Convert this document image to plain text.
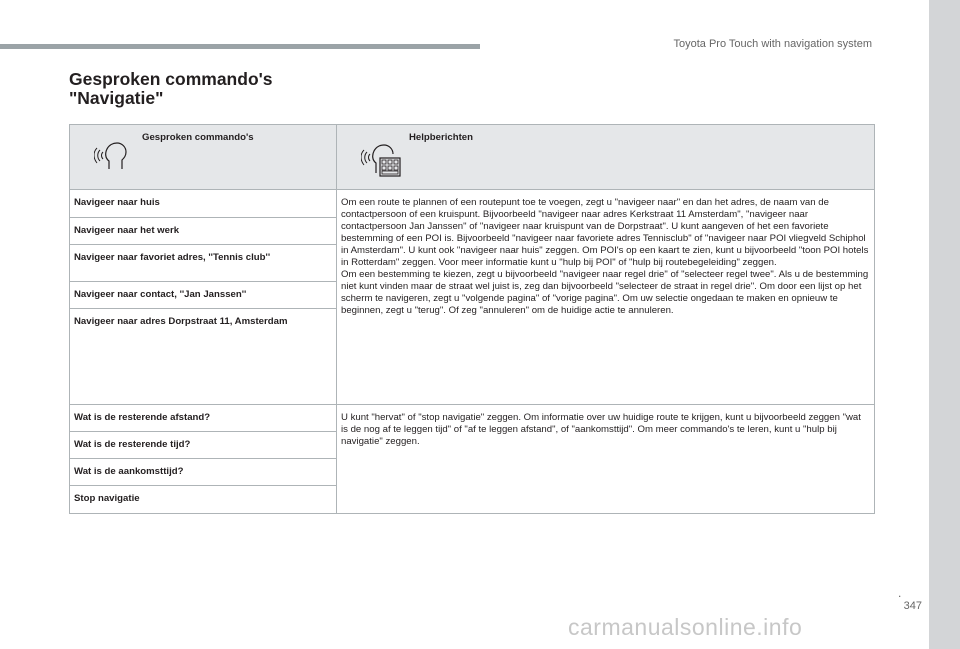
Toyota Pro Touch with navigation system
Gesproken commando's
"Navigatie"
Gesproken commando's	Helpberichten

Navigeer naar huis	Om een route te plannen of een routepunt toe te voegen, zegt u "navigeer naar" en dan het adres, de naam van de contactpersoon of een kruispunt. Bijvoorbeeld "navigeer naar adres Kerkstraat 11 Amsterdam", "navigeer naar contactpersoon Jan Janssen" of "navigeer naar kruispunt van de Dorpstraat". U kunt aangeven of het een favoriete bestemming of een POI is. Bijvoorbeeld "navigeer naar favoriete adres Tennisclub" of "navigeer naar POI vliegveld Schiphol in Amsterdam". U kunt ook "navigeer naar huis" zeggen. Om POI's op een kaart te zien, kunt u bijvoorbeeld "toon POI hotels in Rotterdam" zeggen. Voor meer informatie kunt u "hulp bij POI" of "hulp bij routebegeleiding" zeggen.
Om een bestemming te kiezen, zegt u bijvoorbeeld "navigeer naar regel drie" of "selecteer regel twee". Als u de bestemming niet kunt vinden maar de straat wel juist is, zeg dan bijvoorbeeld "selecteer de straat in regel drie". Om door een lijst op het scherm te navigeren, zegt u "volgende pagina" of "vorige pagina". Om uw selectie ongedaan te maken en opnieuw te beginnen, zegt u "terug". Of zeg "annuleren" om de huidige actie te annuleren.

Navigeer naar het werk	
Navigeer naar favoriet adres, ''Tennis club''	
Navigeer naar contact, ''Jan Janssen''	
Navigeer naar adres Dorpstraat 11, Amsterdam	
Wat is de resterende afstand?	U kunt "hervat" of "stop navigatie" zeggen. Om informatie over uw huidige route te krijgen, kunt u bijvoorbeeld zeggen "wat is de nog af te leggen tijd" of "af te leggen afstand", of "aankomsttijd". Om meer commando's te leren, kunt u "hulp bij navigatie" zeggen.
Wat is de resterende tijd?	
Wat is de aankomsttijd?	
Stop navigatie	
.
347
carmanualsonline.info
